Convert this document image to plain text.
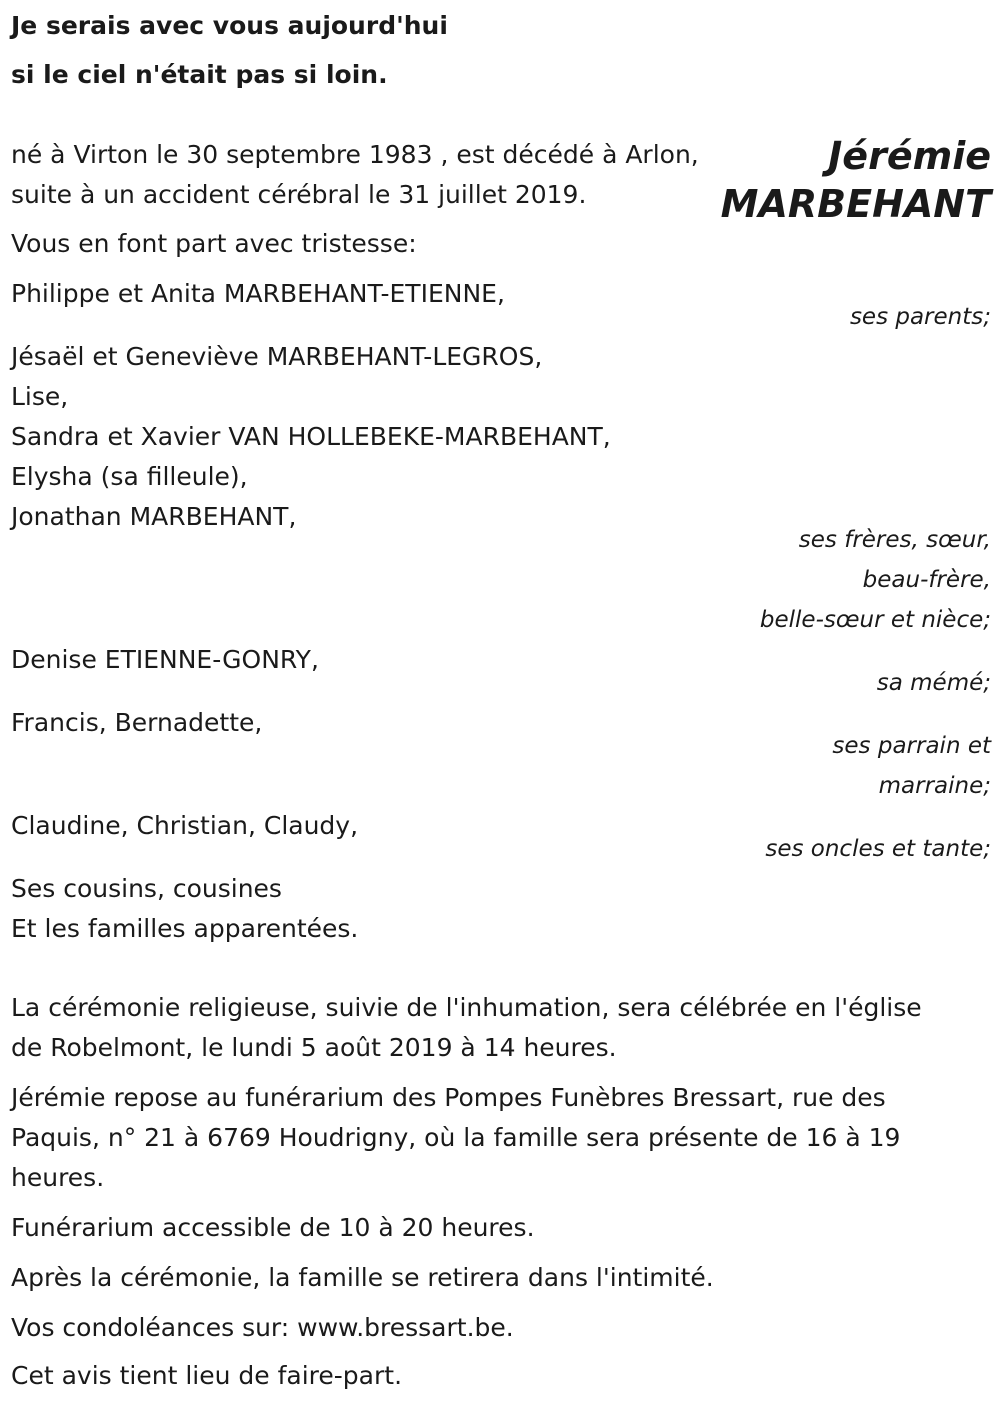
Je serais avec vous aujourd'hui
si le ciel n'était pas si loin.
Jérémie
MARBEHANT
né à Virton le 30 septembre 1983 , est décédé à Arlon,
suite à un accident cérébral le 31 juillet 2019.
Vous en font part avec tristesse:
Philippe et Anita MARBEHANT-ETIENNE,
ses parents;
Jésaël et Geneviève MARBEHANT-LEGROS,
Lise,
Sandra et Xavier VAN HOLLEBEKE-MARBEHANT,
Elysha (sa filleule),
Jonathan MARBEHANT,
ses frères, sœur,
beau-frère,
belle-sœur et nièce;
Denise ETIENNE-GONRY,
sa mémé;
Francis, Bernadette,
ses parrain et
marraine;
Claudine, Christian, Claudy,
ses oncles et tante;
Ses cousins, cousines
Et les familles apparentées.
La cérémonie religieuse, suivie de l'inhumation, sera célébrée en l'église
de Robelmont, le lundi 5 août 2019 à 14 heures.
Jérémie repose au funérarium des Pompes Funèbres Bressart, rue des
Paquis, n° 21 à 6769 Houdrigny, où la famille sera présente de 16 à 19
heures.
Funérarium accessible de 10 à 20 heures.
Après la cérémonie, la famille se retirera dans l'intimité.
Vos condoléances sur: www.bressart.be.
Cet avis tient lieu de faire-part.
